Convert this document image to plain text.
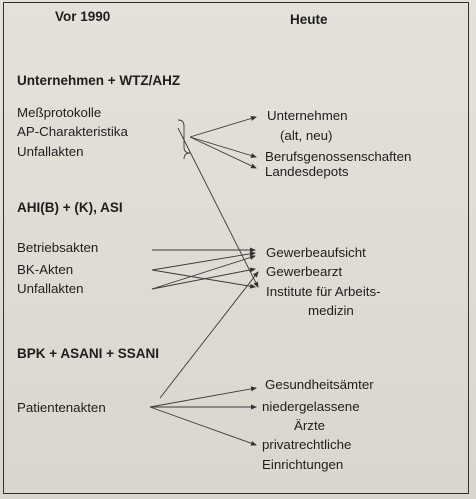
Vor 1990	Heute
Unternehmen + WTZ/AHZ
Meßprotokolle
AP-Charakteristika
Unfallakten
Unternehmen
(alt, neu)
Berufsgenossenschaften
Landesdepots
AHI(B) + (K), ASI
Betriebsakten
BK-Akten
Unfallakten
Gewerbeaufsicht
Gewerbearzt
Institute für Arbeits-
medizin
BPK + ASANI + SSANI
Patientenakten
Gesundheitsämter
niedergelassene
Ärzte
privatrechtliche
Einrichtungen
